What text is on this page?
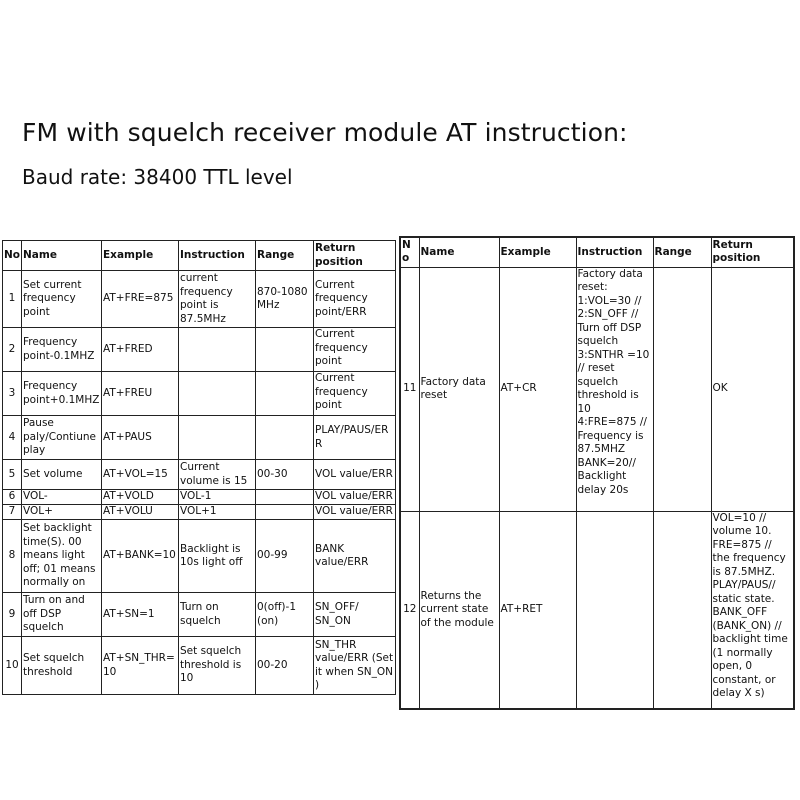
FM with squelch receiver module AT instruction:
Baud rate: 38400 TTL level
No	Name	Example	Instruction	Range	Return position
1	Set current frequency point	AT+FRE=875	current frequency point is 87.5MHz	870-1080 MHz	Current frequency point/ERR
2	Frequency point-0.1MHZ	AT+FRED			Current frequency point
3	Frequency point+0.1MHZ	AT+FREU			Current frequency point
4	Pause paly/Contiune play	AT+PAUS			PLAY/PAUS/ERR
5	Set volume	AT+VOL=15	Current volume is 15	00-30	VOL value/ERR
6	VOL-	AT+VOLD	VOL-1		VOL value/ERR
7	VOL+	AT+VOLU	VOL+1		VOL value/ERR
8	Set backlight time(S). 00 means light off; 01 means normally on	AT+BANK=10	Backlight is 10s light off	00-99	BANK value/ERR
9	Turn on and off DSP squelch	AT+SN=1	Turn on squelch	0(off)-1 (on)	SN_OFF/ SN_ON
10	Set squelch threshold	AT+SN_THR=10	Set squelch threshold is 10	00-20	SN_THR value/ERR (Set it when SN_ON )
No	Name	Example	Instruction	Range	Return position
11	Factory data reset	AT+CR	Factory data reset: 1:VOL=30 // 2:SN_OFF // Turn off DSP squelch 3:SNTHR =10 // reset squelch threshold is 10 4:FRE=875 // Frequency is 87.5MHZ BANK=20// Backlight delay 20s		OK
12	Returns the current state of the module	AT+RET			VOL=10 // volume 10. FRE=875 // the frequency is 87.5MHZ. PLAY/PAUS// static state. BANK_OFF (BANK_ON) // backlight time (1 normally open, 0 constant, or delay X s)
